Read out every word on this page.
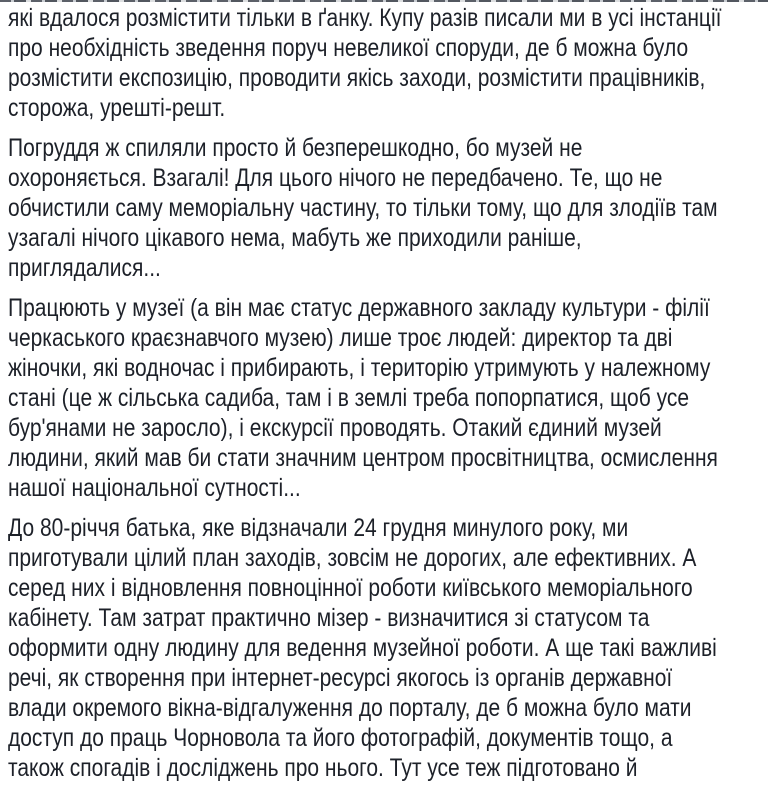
які вдалося розмістити тільки в ґанку. Купу разів писали ми в усі інстанції
про необхідність зведення поруч невеликої споруди, де б можна було
розмістити експозицію, проводити якісь заходи, розмістити працівників,
сторожа, урешті-решт.

Погруддя ж спиляли просто й безперешкодно, бо музей не
охороняється. Взагалі! Для цього нічого не передбачено. Те, що не
обчистили саму меморіальну частину, то тільки тому, що для злодіїв там
узагалі нічого цікавого нема, мабуть же приходили раніше,
приглядалися...

Працюють у музеї (а він має статус державного закладу культури - філії
черкаського краєзнавчого музею) лише троє людей: директор та дві
жіночки, які водночас і прибирають, і територію утримують у належному
стані (це ж сільська садиба, там і в землі треба попорпатися, щоб усе
бур'янами не заросло), і екскурсії проводять. Отакий єдиний музей
людини, який мав би стати значним центром просвітництва, осмислення
нашої національної сутності...

До 80-річчя батька, яке відзначали 24 грудня минулого року, ми
приготували цілий план заходів, зовсім не дорогих, але ефективних. А
серед них і відновлення повноцінної роботи київського меморіального
кабінету. Там затрат практично мізер - визначитися зі статусом та
оформити одну людину для ведення музейної роботи. А ще такі важливі
речі, як створення при інтернет-ресурсі якогось із органів державної
влади окремого вікна-відгалуження до порталу, де б можна було мати
доступ до праць Чорновола та його фотографій, документів тощо, а
також спогадів і досліджень про нього. Тут усе теж підготовано й
